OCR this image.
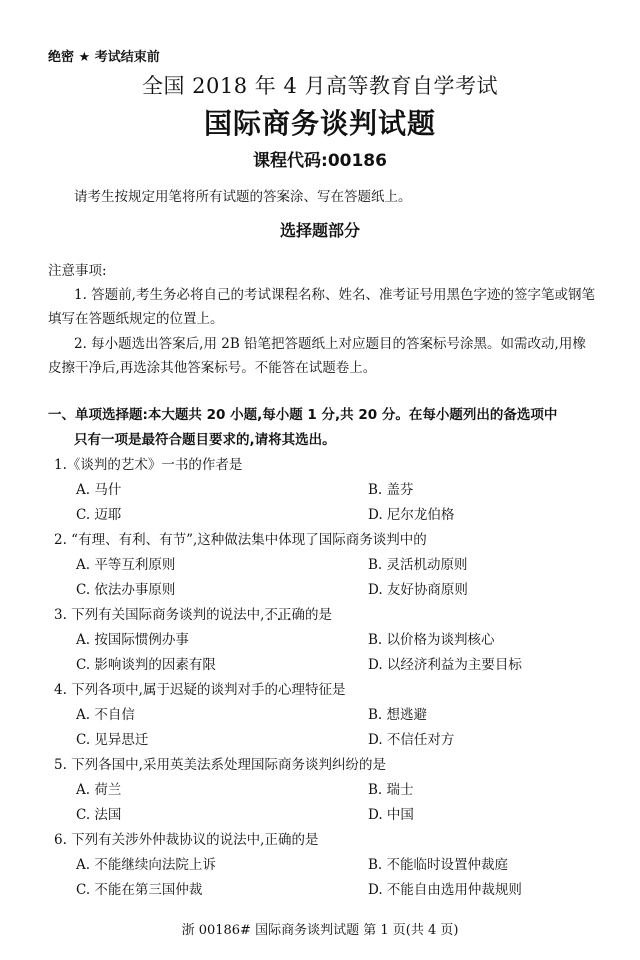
绝密 ★ 考试结束前
全国 2018 年 4 月高等教育自学考试
国际商务谈判试题
课程代码:00186
请考生按规定用笔将所有试题的答案涂、写在答题纸上。
选择题部分
注意事项:
1. 答题前,考生务必将自己的考试课程名称、姓名、准考证号用黑色字迹的签字笔或钢笔
填写在答题纸规定的位置上。
2. 每小题选出答案后,用 2B 铅笔把答题纸上对应题目的答案标号涂黑。如需改动,用橡
皮擦干净后,再选涂其他答案标号。不能答在试题卷上。
一、单项选择题:本大题共 20 小题,每小题 1 分,共 20 分。在每小题列出的备选项中
只有一项是最符合题目要求的,请将其选出。
1.《谈判的艺术》一书的作者是
A. 马什	B. 盖芬
C. 迈耶	D. 尼尔龙伯格
2. “有理、有利、有节”,这种做法集中体现了国际商务谈判中的
A. 平等互利原则	B. 灵活机动原则
C. 依法办事原则	D. 友好协商原则
3. 下列有关国际商务谈判的说法中,不正确 • • •的是
A. 按国际惯例办事	B. 以价格为谈判核心
C. 影响谈判的因素有限	D. 以经济利益为主要目标
4. 下列各项中,属于迟疑的谈判对手的心理特征是
A. 不自信	B. 想逃避
C. 见异思迁	D. 不信任对方
5. 下列各国中,采用英美法系处理国际商务谈判纠纷的是
A. 荷兰	B. 瑞士
C. 法国	D. 中国
6. 下列有关涉外仲裁协议的说法中,正确的是
A. 不能继续向法院上诉	B. 不能临时设置仲裁庭
C. 不能在第三国仲裁	D. 不能自由选用仲裁规则
浙 00186# 国际商务谈判试题 第 1 页(共 4 页)
